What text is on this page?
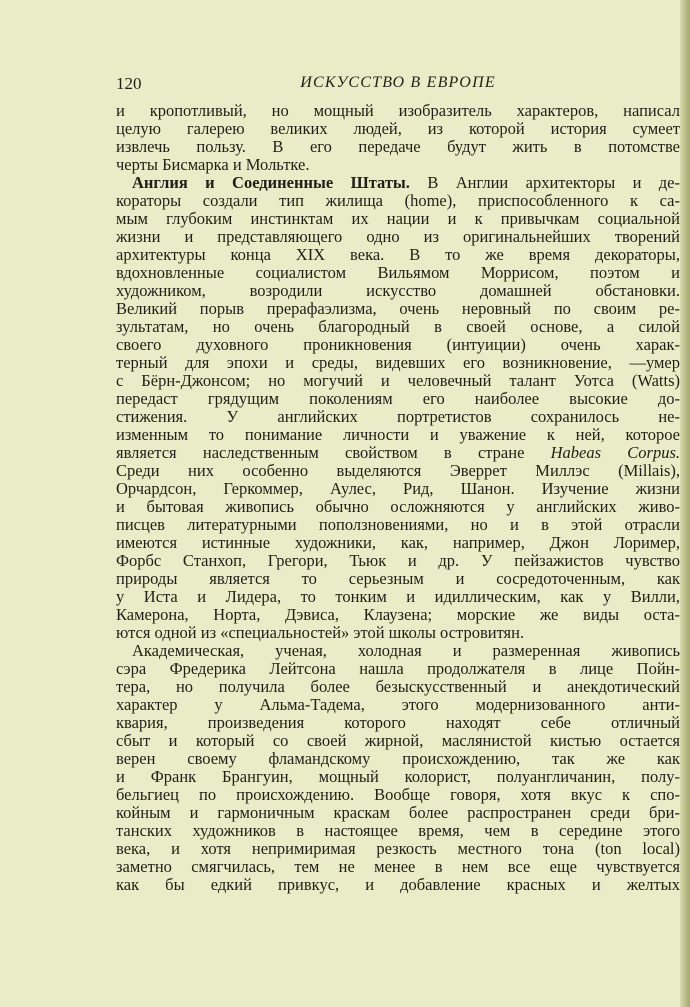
120	ИСКУССТВО В ЕВРОПЕ
и кропотливый, но мощный изобразитель характеров, написал
целую галерею великих людей, из которой история сумеет
извлечь пользу. В его передаче будут жить в потомстве
черты Бисмарка и Мольтке.
Англия и Соединенные Штаты. В Англии архитекторы и де-
кораторы создали тип жилища (home), приспособленного к са-
мым глубоким инстинктам их нации и к привычкам социальной
жизни и представляющего одно из оригинальнейших творений
архитектуры конца XIX века. В то же время декораторы,
вдохновленные социалистом Вильямом Моррисом, поэтом и
художником, возродили искусство домашней обстановки.
Великий порыв прерафаэлизма, очень неровный по своим ре-
зультатам, но очень благородный в своей основе, а силой
своего духовного проникновения (интуиции) очень харак-
терный для эпохи и среды, видевших его возникновение, —умер
с Бёрн-Джонсом; но могучий и человечный талант Уотса (Watts)
передаст грядущим поколениям его наиболее высокие до-
стижения. У английских портретистов сохранилось не-
изменным то понимание личности и уважение к ней, которое
является наследственным свойством в стране Habeas Corpus.
Среди них особенно выделяются Эверрет Миллэс (Millais),
Орчардсон, Геркоммер, Аулес, Рид, Шанон. Изучение жизни
и бытовая живопись обычно осложняются у английских живо-
писцев литературными поползновениями, но и в этой отрасли
имеются истинные художники, как, например, Джон Лоример,
Форбс Станхоп, Грегори, Тьюк и др. У пейзажистов чувство
природы является то серьезным и сосредоточенным, как
у Иста и Лидера, то тонким и идиллическим, как у Вилли,
Камерона, Норта, Дэвиса, Клаузена; морские же виды оста-
ются одной из «специальностей» этой школы островитян.
Академическая, ученая, холодная и размеренная живопись
сэра Фредерика Лейтсона нашла продолжателя в лице Пойн-
тера, но получила более безыскусственный и анекдотический
характер у Альма-Тадема, этого модернизованного анти-
квария, произведения которого находят себе отличный
сбыт и который со своей жирной, маслянистой кистью остается
верен своему фламандскому происхождению, так же как
и Франк Брангуин, мощный колорист, полуангличанин, полу-
бельгиец по происхождению. Вообще говоря, хотя вкус к спо-
койным и гармоничным краскам более распространен среди бри-
танских художников в настоящее время, чем в середине этого
века, и хотя непримиримая резкость местного тона (ton local)
заметно смягчилась, тем не менее в нем все еще чувствуется
как бы едкий привкус, и добавление красных и желтых
